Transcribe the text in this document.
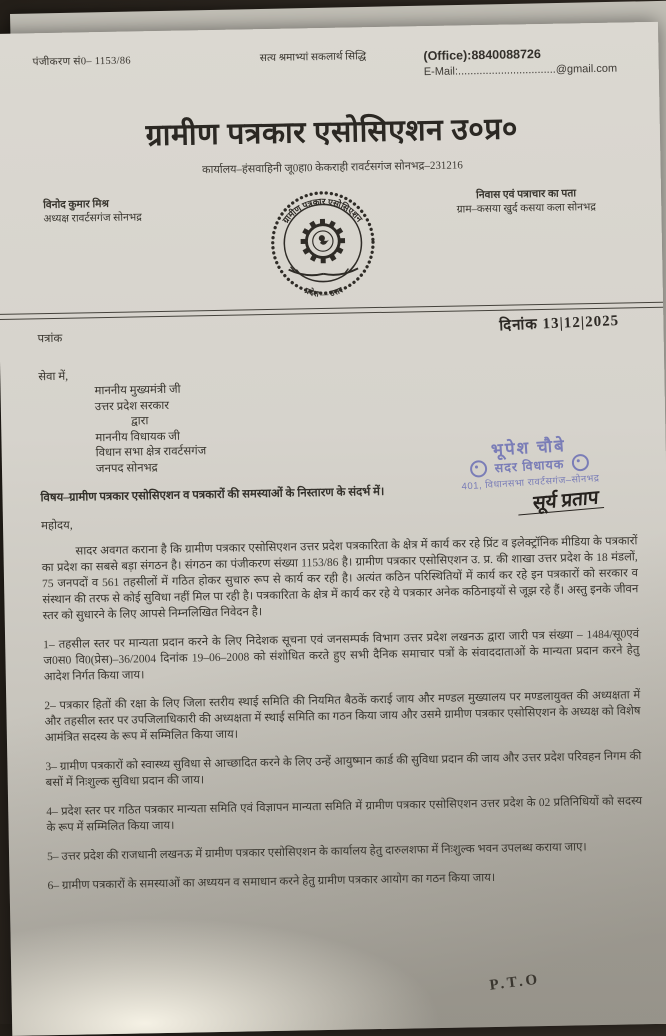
पंजीकरण सं0– 1153/86	सत्य श्रमाभ्यां सकलार्थ सिद्धि	(Office):8840088726
E-Mail:................................@gmail.com
ग्रामीण पत्रकार एसोसिएशन उ०प्र०
कार्यालय–हंसवाहिनी जू0हा0 केकराही रावर्टसगंज सोनभद्र–231216
विनोद कुमार मिश्र
अध्यक्ष रावर्टसगंज सोनभद्र	ग्रामीण पत्रकार एसोसिएशन
प्रदेश — उत्तर
निवास एवं पत्राचार का पता
ग्राम–कसया खुर्द कसया कला सोनभद्र
पत्रांक
दिनांक 13|12|2025
सेवा में,
माननीय मुख्यमंत्री जी
उत्तर प्रदेश सरकार
द्वारा
माननीय विधायक जी
विधान सभा क्षेत्र रावर्टसगंज
जनपद सोनभद्र
भूपेश चौबे
सदर विधायक
401, विधानसभा रावर्टसगंज–सोनभद्र
सूर्य प्रताप
विषय–ग्रामीण पत्रकार एसोसिएशन व पत्रकारों की समस्याओं के निस्तारण के संदर्भ में।
महोदय,

सादर अवगत कराना है कि ग्रामीण पत्रकार एसोसिएशन उत्तर प्रदेश पत्रकारिता के क्षेत्र में कार्य कर रहे प्रिंट व इलेक्ट्रॉनिक मीडिया के पत्रकारों का प्रदेश का सबसे बड़ा संगठन है। संगठन का पंजीकरण संख्या 1153/86 है। ग्रामीण पत्रकार एसोसिएशन उ. प्र. की शाखा उत्तर प्रदेश के 18 मंडलों, 75 जनपदों व 561 तहसीलों में गठित होकर सुचारु रूप से कार्य कर रही है। अत्यंत कठिन परिस्थितियों में कार्य कर रहे इन पत्रकारों को सरकार व संस्थान की तरफ से कोई सुविधा नहीं मिल पा रही है। पत्रकारिता के क्षेत्र में कार्य कर रहे ये पत्रकार अनेक कठिनाइयों से जूझ रहे हैं। अस्तु इनके जीवन स्तर को सुधारने के लिए आपसे निम्नलिखित निवेदन है।

1– तहसील स्तर पर मान्यता प्रदान करने के लिए निदेशक सूचना एवं जनसम्पर्क विभाग उत्तर प्रदेश लखनऊ द्वारा जारी पत्र संख्या – 1484/सू0एवं ज0स0 वि0(प्रेस)–36/2004 दिनांक 19–06–2008 को संशोधित करते हुए सभी दैनिक समाचार पत्रों के संवाददाताओं के मान्यता प्रदान करने हेतु आदेश निर्गत किया जाय।

2– पत्रकार हितों की रक्षा के लिए जिला स्तरीय स्थाई समिति की नियमित बैठकें कराई जाय और मण्डल मुख्यालय पर मण्डलायुक्त की अध्यक्षता में और तहसील स्तर पर उपजिलाधिकारी की अध्यक्षता में स्थाई समिति का गठन किया जाय और उसमे ग्रामीण पत्रकार एसोसिएशन के अध्यक्ष को विशेष आमंत्रित सदस्य के रूप में सम्मिलित किया जाय।

3– ग्रामीण पत्रकारों को स्वास्थ्य सुविधा से आच्छादित करने के लिए उन्हें आयुष्मान कार्ड की सुविधा प्रदान की जाय और उत्तर प्रदेश परिवहन निगम की बसों में निःशुल्क सुविधा प्रदान की जाय।

4– प्रदेश स्तर पर गठित पत्रकार मान्यता समिति एवं विज्ञापन मान्यता समिति में ग्रामीण पत्रकार एसोसिएशन उत्तर प्रदेश के 02 प्रतिनिधियों को सदस्य के रूप में सम्मिलित किया जाय।

5– उत्तर प्रदेश की राजधानी लखनऊ में ग्रामीण पत्रकार एसोसिएशन के कार्यालय हेतु दारुलशफा में निःशुल्क भवन उपलब्ध कराया जाए।

6– ग्रामीण पत्रकारों के समस्याओं का अध्ययन व समाधान करने हेतु ग्रामीण पत्रकार आयोग का गठन किया जाय।

P.T.O
